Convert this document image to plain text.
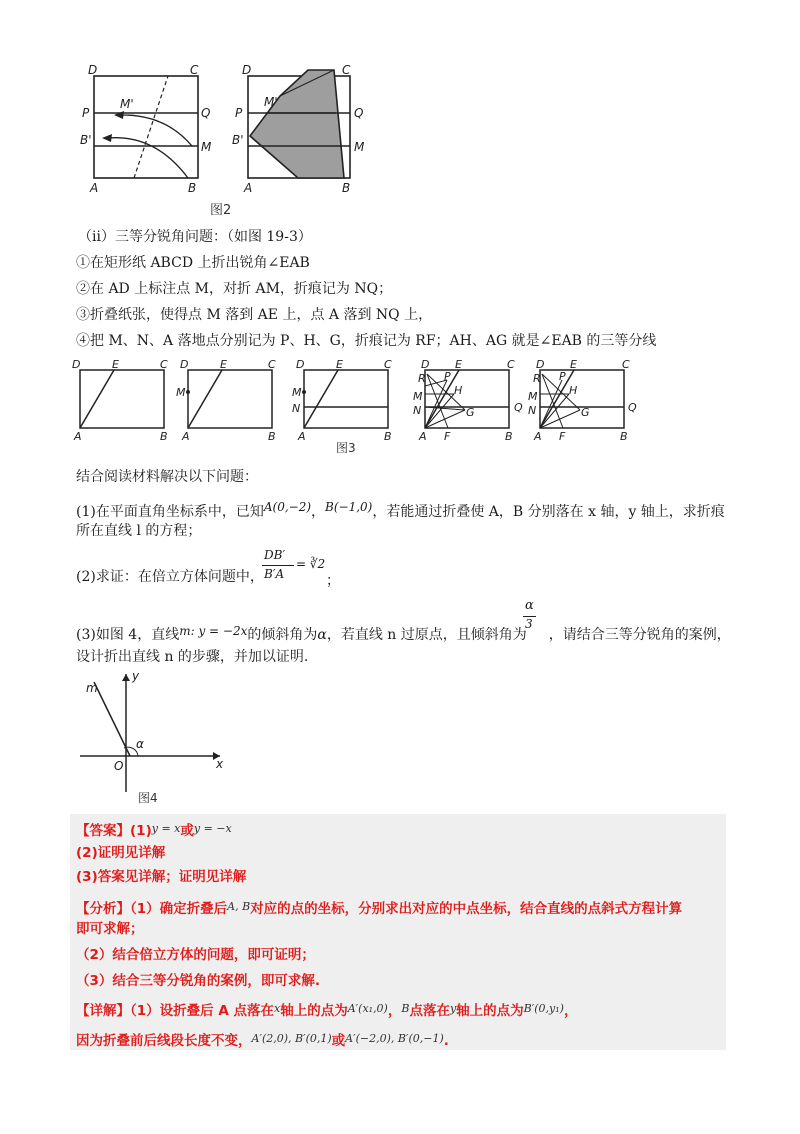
D	C
P	Q
M'
B'	M
A	B
D	C
P	Q
M'
B'	M
A	B
图2
（ⅱ）三等分锐角问题：（如图 19-3）
①在矩形纸 ABCD 上折出锐角∠EAB
②在 AD 上标注点 M，对折 AM，折痕记为 NQ；
③折叠纸张，使得点 M 落到 AE 上，点 A 落到 NQ 上，
④把 M、N、A 落地点分别记为 P、H、G，折痕记为 RF；AH、AG 就是∠EAB 的三等分线
D	E	C
A	B
D	E	C
M
A	B
D	E	C
M
N
A	B
D E	C
R P
H
M
N	G	Q
A F	B
D E	C
R P
H
M
N	G	Q
A F	B
图3
结合阅读材料解决以下问题：
(1)在平面直角坐标系中，已知A(0,−2)，B(−1,0)，若能通过折叠使 A，B 分别落在 x 轴，y 轴上，求折痕
所在直线 l 的方程；
(2)求证：在倍立方体问题中，
DB′
B′A
= ∛2
；
(3)如图 4，直线m: y = −2x的倾斜角为α，若直线 n 过原点，且倾斜角为 ，请结合三等分锐角的案例，
α
3
设计折出直线 n 的步骤，并加以证明.
m
y
x
O
α
图4
【答案】$(1)^{y = x}$或$^{y = -x}$
(2)证明见详解
(3)答案见详解；证明见详解
【分析】（1）确定折叠后$^{A, B}$对应的点的坐标，分别求出对应的中点坐标，结合直线的点斜式方程计算
即可求解；
（2）结合倍立方体的问题，即可证明；
（3）结合三等分锐角的案例，即可求解.
【详解】（1）设折叠后 A 点落在$^x$轴上的点为$^{A'(x_1,0)}$，$^B$点落在$^y$轴上的点为$^{B'(0,y_1)}$，
因为折叠前后线段长度不变，$^{A'(2,0), B'(0,1)}$或$^{A'(-2,0), B'(0,-1)}$.
